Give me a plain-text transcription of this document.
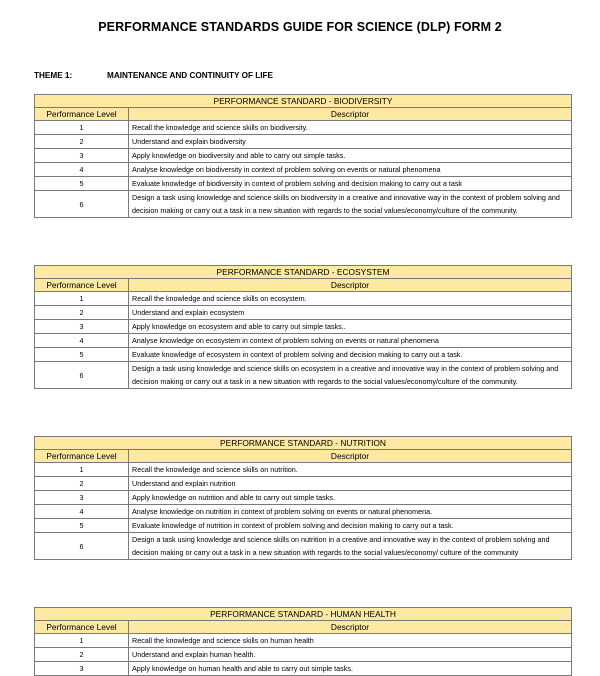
PERFORMANCE STANDARDS GUIDE FOR SCIENCE (DLP) FORM 2
THEME 1:	MAINTENANCE AND CONTINUITY OF LIFE
PERFORMANCE STANDARD - BIODIVERSITY	
Performance Level	Descriptor
1	Recall the knowledge and science skills on biodiversity.
2	Understand and explain biodiversity
3	Apply knowledge on biodiversity and able to carry out simple tasks.
4	Analyse knowledge on biodiversity in context of problem solving on events or natural phenomena
5	Evaluate knowledge of biodiversity in context of problem solving and decision making to carry out a task
6	Design a task using knowledge and science skills on biodiversity in a creative and innovative way in the context of problem solving and decision making or carry out a task in a new situation with regards to the social values/economy/culture of the community.
PERFORMANCE STANDARD - ECOSYSTEM	
Performance Level	Descriptor
1	Recall the knowledge and science skills on ecosystem.
2	Understand and explain ecosystem
3	Apply knowledge on ecosystem and able to carry out simple tasks..
4	Analyse knowledge on ecosystem in context of problem solving on events or natural phenomena
5	Evaluate knowledge of ecosystem in context of problem solving and decision making to carry out a task.
6	Design a task using knowledge and science skills on ecosystem in a creative and innovative way in the context of problem solving and decision making or carry out a task in a new situation with regards to the social values/economy/culture of the community.
PERFORMANCE STANDARD - NUTRITION	
Performance Level	Descriptor
1	Recall the knowledge and science skills on nutrition.
2	Understand and explain nutrition
3	Apply knowledge on nutrition and able to carry out simple tasks.
4	Analyse knowledge on nutrition in context of problem solving on events or natural phenomena.
5	Evaluate knowledge of nutrition in context of problem solving and decision making to carry out a task.
6	Design a task using knowledge and science skills on nutrition in a creative and innovative way in the context of problem solving and decision making or carry out a task in a new situation with regards to the social values/economy/ culture of the community
PERFORMANCE STANDARD - HUMAN HEALTH	
Performance Level	Descriptor
1	Recall the knowledge and science skills on human health
2	Understand and explain human health.
3	Apply knowledge on human health and able to carry out simple tasks.
